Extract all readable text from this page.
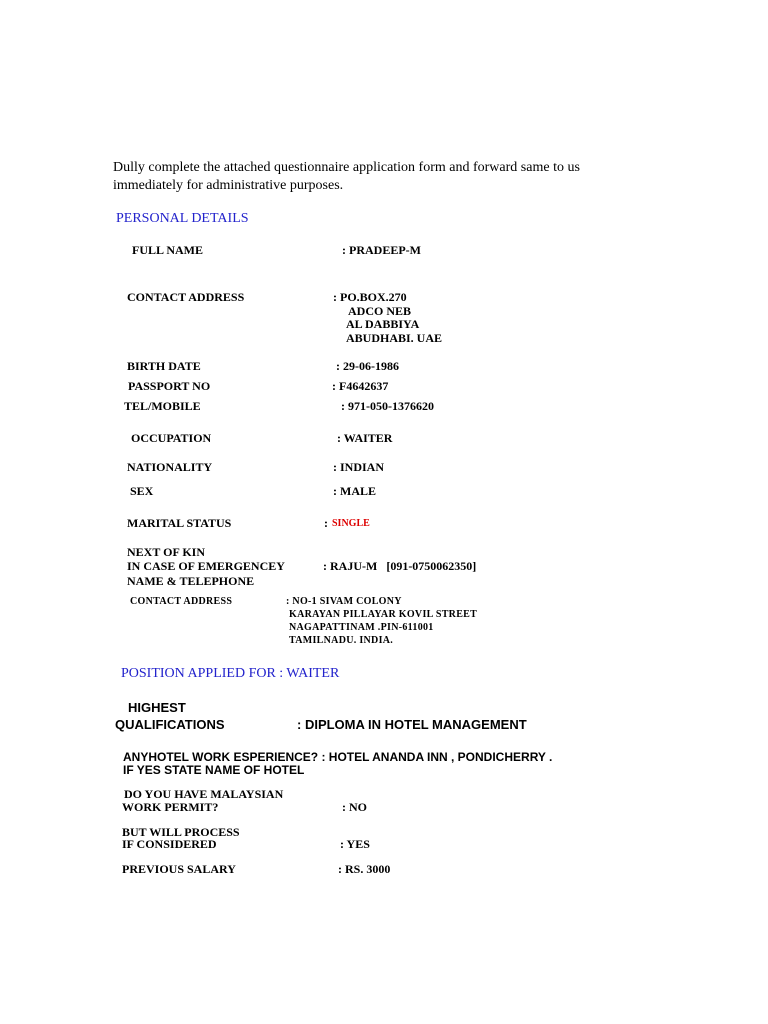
Dully complete the attached questionnaire application form and forward same to us
immediately for administrative purposes.
PERSONAL DETAILS
FULL NAME	: PRADEEP-M
CONTACT ADDRESS	: PO.BOX.270
ADCO NEB
AL DABBIYA
ABUDHABI. UAE
BIRTH DATE	: 29-06-1986
PASSPORT NO	: F4642637
TEL/MOBILE	: 971-050-1376620
OCCUPATION	: WAITER
NATIONALITY	: INDIAN
SEX	: MALE
MARITAL STATUS	: SINGLE
NEXT OF KIN
IN CASE OF EMERGENCEY
NAME & TELEPHONE
: RAJU-M   [091-0750062350]
CONTACT ADDRESS	: NO-1 SIVAM COLONY
KARAYAN PILLAYAR KOVIL STREET
NAGAPATTINAM .PIN-611001
TAMILNADU. INDIA.
POSITION APPLIED FOR : WAITER
HIGHEST
QUALIFICATIONS	: DIPLOMA IN HOTEL MANAGEMENT
ANYHOTEL WORK ESPERIENCE? : HOTEL ANANDA INN , PONDICHERRY .
IF YES STATE NAME OF HOTEL
DO YOU HAVE MALAYSIAN
WORK PERMIT?	: NO
BUT WILL PROCESS
IF CONSIDERED	: YES
PREVIOUS SALARY	: RS. 3000
